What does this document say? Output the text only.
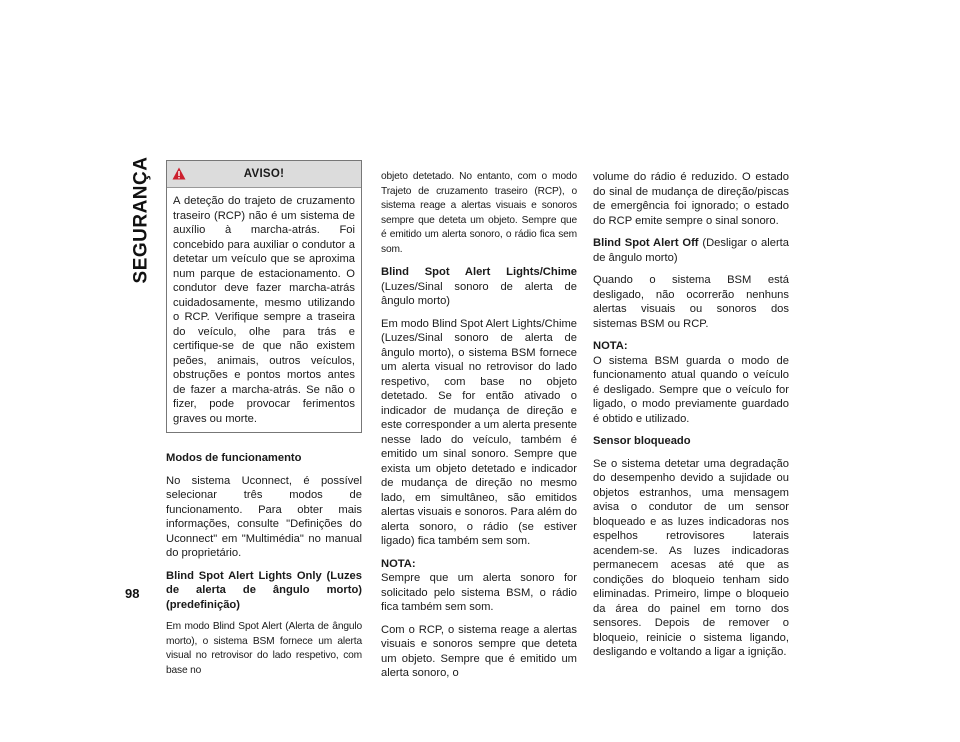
SEGURANÇA
98
AVISO!

A deteção do trajeto de cruzamento traseiro (RCP) não é um sistema de auxílio à marcha-atrás. Foi concebido para auxiliar o condutor a detetar um veículo que se aproxima num parque de estacionamento. O condutor deve fazer marcha-atrás cuidadosamente, mesmo utilizando o RCP. Verifique sempre a traseira do veículo, olhe para trás e certifique-se de que não existem peões, animais, outros veículos, obstruções e pontos mortos antes de fazer a marcha-atrás. Se não o fizer, pode provocar ferimentos graves ou morte.

Modos de funcionamento

No sistema Uconnect, é possível selecionar três modos de funcionamento. Para obter mais informações, consulte "Definições do Uconnect" em "Multimédia" no manual do proprietário.

Blind Spot Alert Lights Only (Luzes de alerta de ângulo morto) (predefinição)

Em modo Blind Spot Alert (Alerta de ângulo morto), o sistema BSM fornece um alerta visual no retrovisor do lado respetivo, com base no

objeto detetado. No entanto, com o modo Trajeto de cruzamento traseiro (RCP), o sistema reage a alertas visuais e sonoros sempre que deteta um objeto. Sempre que é emitido um alerta sonoro, o rádio fica sem som.

Blind Spot Alert Lights/Chime (Luzes/Sinal sonoro de alerta de ângulo morto)

Em modo Blind Spot Alert Lights/Chime (Luzes/Sinal sonoro de alerta de ângulo morto), o sistema BSM fornece um alerta visual no retrovisor do lado respetivo, com base no objeto detetado. Se for então ativado o indicador de mudança de direção e este corresponder a um alerta presente nesse lado do veículo, também é emitido um sinal sonoro. Sempre que exista um objeto detetado e indicador de mudança de direção no mesmo lado, em simultâneo, são emitidos alertas visuais e sonoros. Para além do alerta sonoro, o rádio (se estiver ligado) fica também sem som.

NOTA:
Sempre que um alerta sonoro for solicitado pelo sistema BSM, o rádio fica também sem som.

Com o RCP, o sistema reage a alertas visuais e sonoros sempre que deteta um objeto. Sempre que é emitido um alerta sonoro, o

volume do rádio é reduzido. O estado do sinal de mudança de direção/piscas de emergência foi ignorado; o estado do RCP emite sempre o sinal sonoro.

Blind Spot Alert Off (Desligar o alerta de ângulo morto)

Quando o sistema BSM está desligado, não ocorrerão nenhuns alertas visuais ou sonoros dos sistemas BSM ou RCP.

NOTA:
O sistema BSM guarda o modo de funcionamento atual quando o veículo é desligado. Sempre que o veículo for ligado, o modo previamente guardado é obtido e utilizado.

Sensor bloqueado

Se o sistema detetar uma degradação do desempenho devido a sujidade ou objetos estranhos, uma mensagem avisa o condutor de um sensor bloqueado e as luzes indicadoras nos espelhos retrovisores laterais acendem-se. As luzes indicadoras permanecem acesas até que as condições do bloqueio tenham sido eliminadas. Primeiro, limpe o bloqueio da área do painel em torno dos sensores. Depois de remover o bloqueio, reinicie o sistema ligando, desligando e voltando a ligar a ignição.
